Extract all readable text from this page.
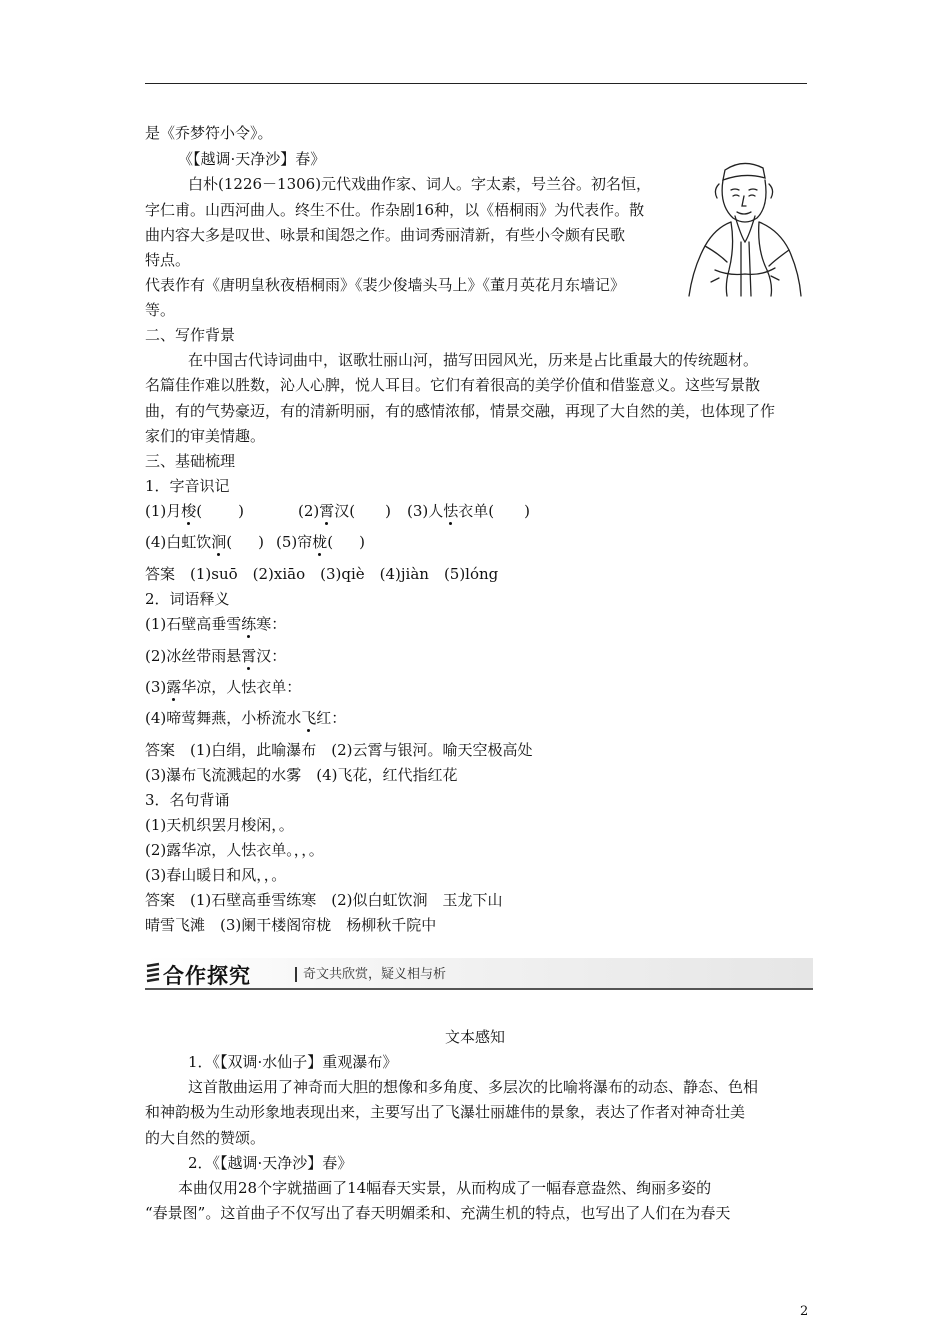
是《乔梦符小令》。
《【越调·天净沙】春》
白朴(1226－1306)元代戏曲作家、词人。字太素，号兰谷。初名恒，
字仁甫。山西河曲人。终生不仕。作杂剧16种，以《梧桐雨》为代表作。散
曲内容大多是叹世、咏景和闺怨之作。曲词秀丽清新，有些小令颇有民歌
特点。
代表作有《唐明皇秋夜梧桐雨》《裴少俊墙头马上》《董月英花月东墙记》
等。
二、写作背景
在中国古代诗词曲中，讴歌壮丽山河，描写田园风光，历来是占比重最大的传统题材。
名篇佳作难以胜数，沁人心脾，悦人耳目。它们有着很高的美学价值和借鉴意义。这些写景散
曲，有的气势豪迈，有的清新明丽，有的感情浓郁，情景交融，再现了大自然的美，也体现了作
家们的审美情趣。
三、基础梳理
1．字音识记
(1)月梭( )	(2)霄汉( ) (3)人怯衣单( )
(4)白虹饮涧( ) (5)帘栊( )
答案　(1)suō　(2)xiāo　(3)qiè　(4)jiàn　(5)lóng
2．词语释义
(1)石壁高垂雪练寒：
(2)冰丝带雨悬霄汉：
(3)露华凉，人怯衣单：
(4)啼莺舞燕，小桥流水飞红：
答案　(1)白绢，此喻瀑布　(2)云霄与银河。喻天空极高处
(3)瀑布飞流溅起的水雾　(4)飞花，红代指红花
3．名句背诵
(1)天机织罢月梭闲，。
(2)露华凉，人怯衣单。，，。
(3)春山暖日和风，，。
答案　(1)石壁高垂雪练寒　(2)似白虹饮涧　玉龙下山
晴雪飞滩　(3)阑干楼阁帘栊　杨柳秋千院中
合作探究	奇文共欣赏，疑义相与析
文本感知
1．《【双调·水仙子】重观瀑布》
这首散曲运用了神奇而大胆的想像和多角度、多层次的比喻将瀑布的动态、静态、色相
和神韵极为生动形象地表现出来，主要写出了飞瀑壮丽雄伟的景象，表达了作者对神奇壮美
的大自然的赞颂。
2．《【越调·天净沙】春》
本曲仅用28个字就描画了14幅春天实景，从而构成了一幅春意盎然、绚丽多姿的
“春景图”。这首曲子不仅写出了春天明媚柔和、充满生机的特点，也写出了人们在为春天
2
